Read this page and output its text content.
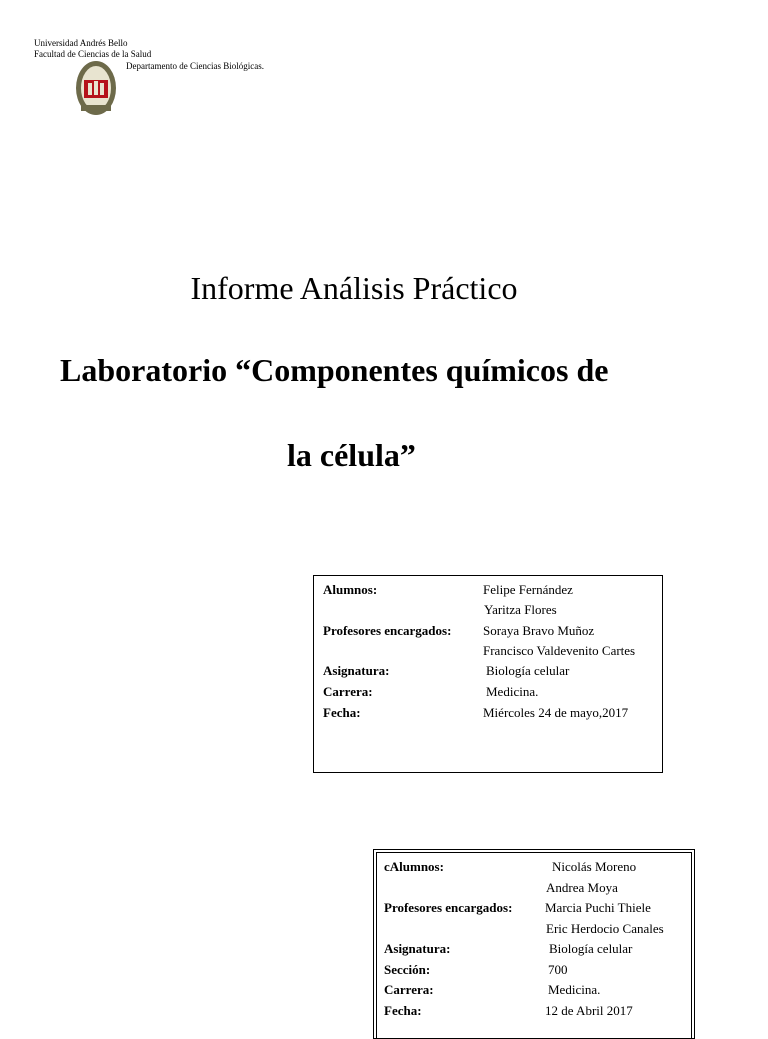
Universidad Andrés Bello
Facultad de Ciencias de la Salud
Departamento de Ciencias Biológicas.
Informe Análisis Práctico
Laboratorio “Componentes químicos de
la célula”
Alumnos:	Felipe Fernández
Yaritza Flores
Profesores encargados: Soraya Bravo Muñoz
Francisco Valdevenito Cartes
Asignatura:	Biología celular
Carrera:	Medicina.
Fecha:	Miércoles 24 de mayo,2017
cAlumnos:	Nicolás Moreno
Andrea Moya
Profesores encargados:	Marcia Puchi Thiele
Eric Herdocio Canales
Asignatura:	Biología celular
Sección:	700
Carrera:	Medicina.
Fecha:	12 de Abril 2017
